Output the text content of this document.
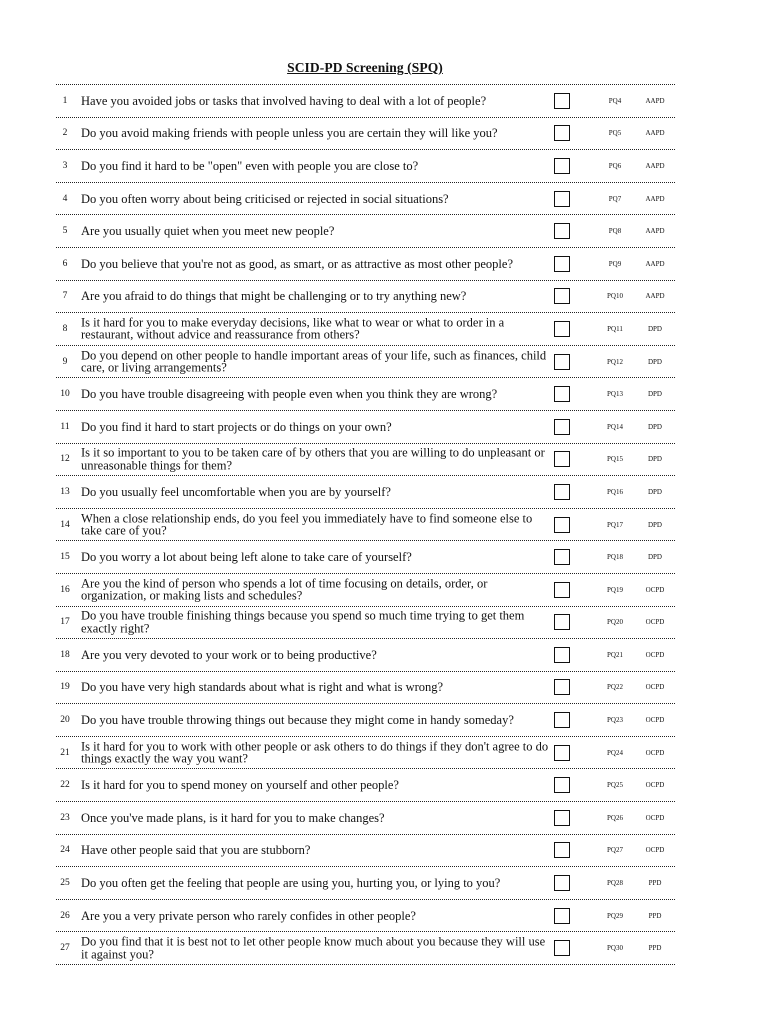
SCID-PD Screening (SPQ)
1	Have you avoided jobs or tasks that involved having to deal with a lot of people?	PQ4	AAPD
2	Do you avoid making friends with people unless you are certain they will like you?	PQ5	AAPD
3	Do you find it hard to be "open" even with people you are close to?	PQ6	AAPD
4	Do you often worry about being criticised or rejected in social situations?	PQ7	AAPD
5	Are you usually quiet when you meet new people?	PQ8	AAPD
6	Do you believe that you're not as good, as smart, or as attractive as most other people?	PQ9	AAPD
7	Are you afraid to do things that might be challenging or to try anything new?	PQ10	AAPD
8	Is it hard for you to make everyday decisions, like what to wear or what to order in a restaurant, without advice and reassurance from others?	PQ11	DPD
9	Do you depend on other people to handle important areas of your life, such as finances, child care, or living arrangements?	PQ12	DPD
10 Do you have trouble disagreeing with people even when you think they are wrong?	PQ13	DPD
11 Do you find it hard to start projects or do things on your own?	PQ14	DPD
12 Is it so important to you to be taken care of by others that you are willing to do unpleasant or unreasonable things for them?	PQ15	DPD
13 Do you usually feel uncomfortable when you are by yourself?	PQ16	DPD
14 When a close relationship ends, do you feel you immediately have to find someone else to take care of you?	PQ17	DPD
15 Do you worry a lot about being left alone to take care of yourself?	PQ18	DPD
16 Are you the kind of person who spends a lot of time focusing on details, order, or organization, or making lists and schedules?	PQ19	OCPD
17 Do you have trouble finishing things because you spend so much time trying to get them exactly right?	PQ20	OCPD
18 Are you very devoted to your work or to being productive?	PQ21	OCPD
19 Do you have very high standards about what is right and what is wrong?	PQ22	OCPD
20 Do you have trouble throwing things out because they might come in handy someday?	PQ23	OCPD
21 Is it hard for you to work with other people or ask others to do things if they don't agree to do things exactly the way you want?	PQ24	OCPD
22 Is it hard for you to spend money on yourself and other people?	PQ25	OCPD
23 Once you've made plans, is it hard for you to make changes?	PQ26	OCPD
24 Have other people said that you are stubborn?	PQ27	OCPD
25 Do you often get the feeling that people are using you, hurting you, or lying to you?	PQ28	PPD
26 Are you a very private person who rarely confides in other people?	PQ29	PPD
27 Do you find that it is best not to let other people know much about you because they will use it against you?	PQ30	PPD
